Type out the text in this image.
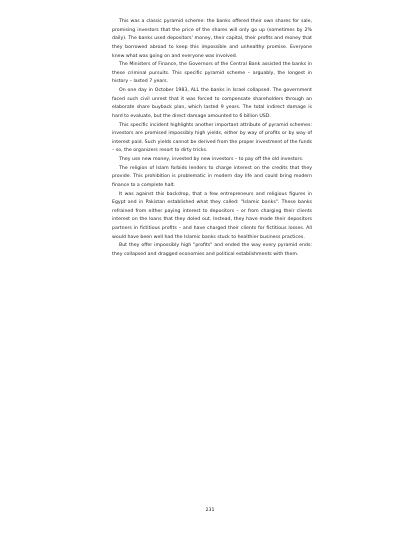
This was a classic pyramid scheme: the banks offered their own shares for sale, promising investors that the price of the shares will only go up (sometimes by 2% daily). The banks used depositors' money, their capital, their profits and money that they borrowed abroad to keep this impossible and unhealthy promise. Everyone knew what was going on and everyone was involved.

The Ministers of Finance, the Governors of the Central Bank assisted the banks in these criminal pursuits. This specific pyramid scheme – arguably, the longest in history – lasted 7 years.

On one day in October 1983, ALL the banks in Israel collapsed. The government faced such civil unrest that it was forced to compensate shareholders through an elaborate share buyback plan, which lasted 9 years. The total indirect damage is hard to evaluate, but the direct damage amounted to 6 billion USD.

This specific incident highlights another important attribute of pyramid schemes: investors are promised impossibly high yields, either by way of profits or by way of interest paid. Such yields cannot be derived from the proper investment of the funds – so, the organizers resort to dirty tricks.

They use new money, invested by new investors – to pay off the old investors.

The religion of Islam forbids lenders to charge interest on the credits that they provide. This prohibition is problematic in modern day life and could bring modern finance to a complete halt.

It was against this backdrop, that a few entrepreneurs and religious figures in Egypt and in Pakistan established what they called: "Islamic banks". These banks refrained from either paying interest to depositors – or from charging their clients interest on the loans that they doled out. Instead, they have made their depositors partners in fictitious profits – and have charged their clients for fictitious losses. All would have been well had the Islamic banks stuck to healthier business practices.

But they offer impossibly high "profits" and ended the way every pyramid ends: they collapsed and dragged economies and political establishments with them.

231
